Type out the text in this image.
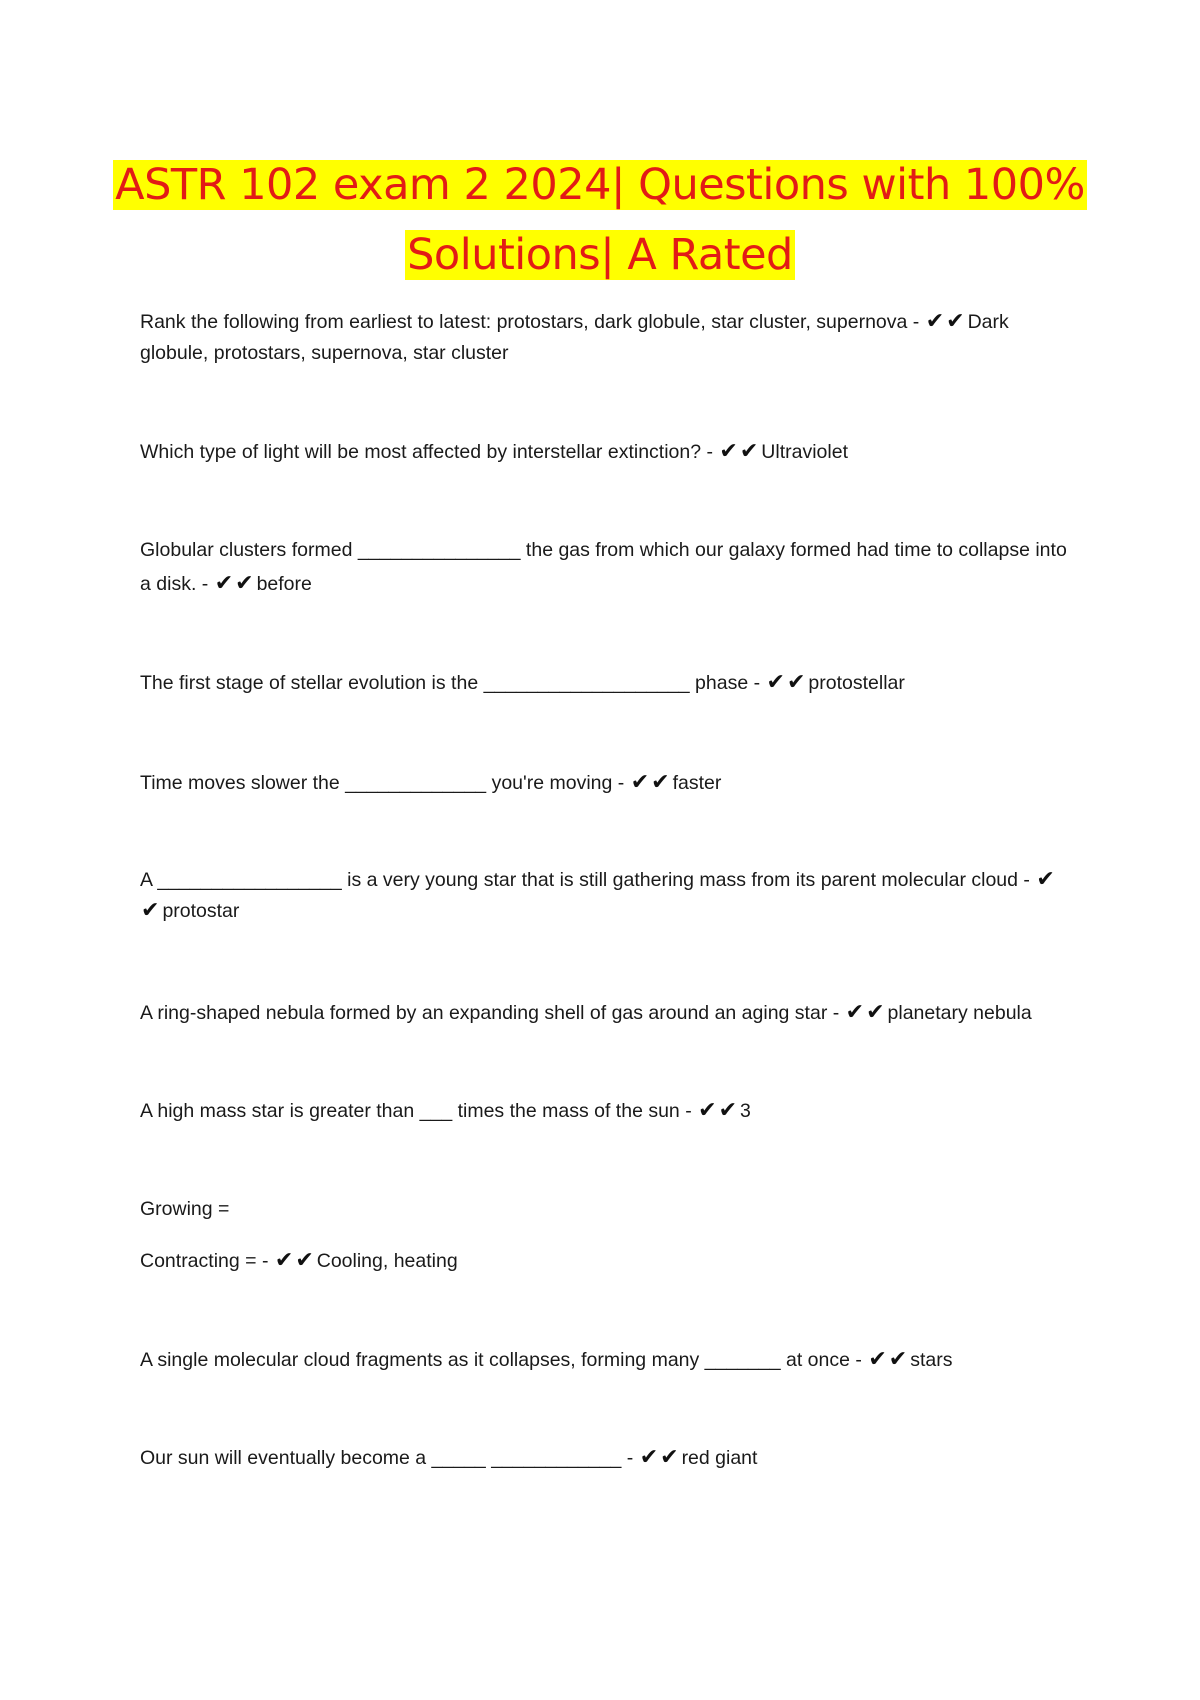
ASTR 102 exam 2 2024| Questions with 100%
Solutions| A Rated
Rank the following from earliest to latest: protostars, dark globule, star cluster, supernova - ✔✔ Dark globule, protostars, supernova, star cluster
Which type of light will be most affected by interstellar extinction? - ✔✔ Ultraviolet
Globular clusters formed _______________ the gas from which our galaxy formed had time to collapse into a disk. - ✔✔ before
The first stage of stellar evolution is the ___________________ phase - ✔✔ protostellar
Time moves slower the _____________ you're moving - ✔✔ faster
A _________________ is a very young star that is still gathering mass from its parent molecular cloud - ✔✔ protostar
A ring-shaped nebula formed by an expanding shell of gas around an aging star - ✔✔ planetary nebula
A high mass star is greater than ___ times the mass of the sun - ✔✔ 3
Growing =
Contracting = - ✔✔ Cooling, heating
A single molecular cloud fragments as it collapses, forming many _______ at once - ✔✔ stars
Our sun will eventually become a _____ ____________ - ✔✔ red giant
